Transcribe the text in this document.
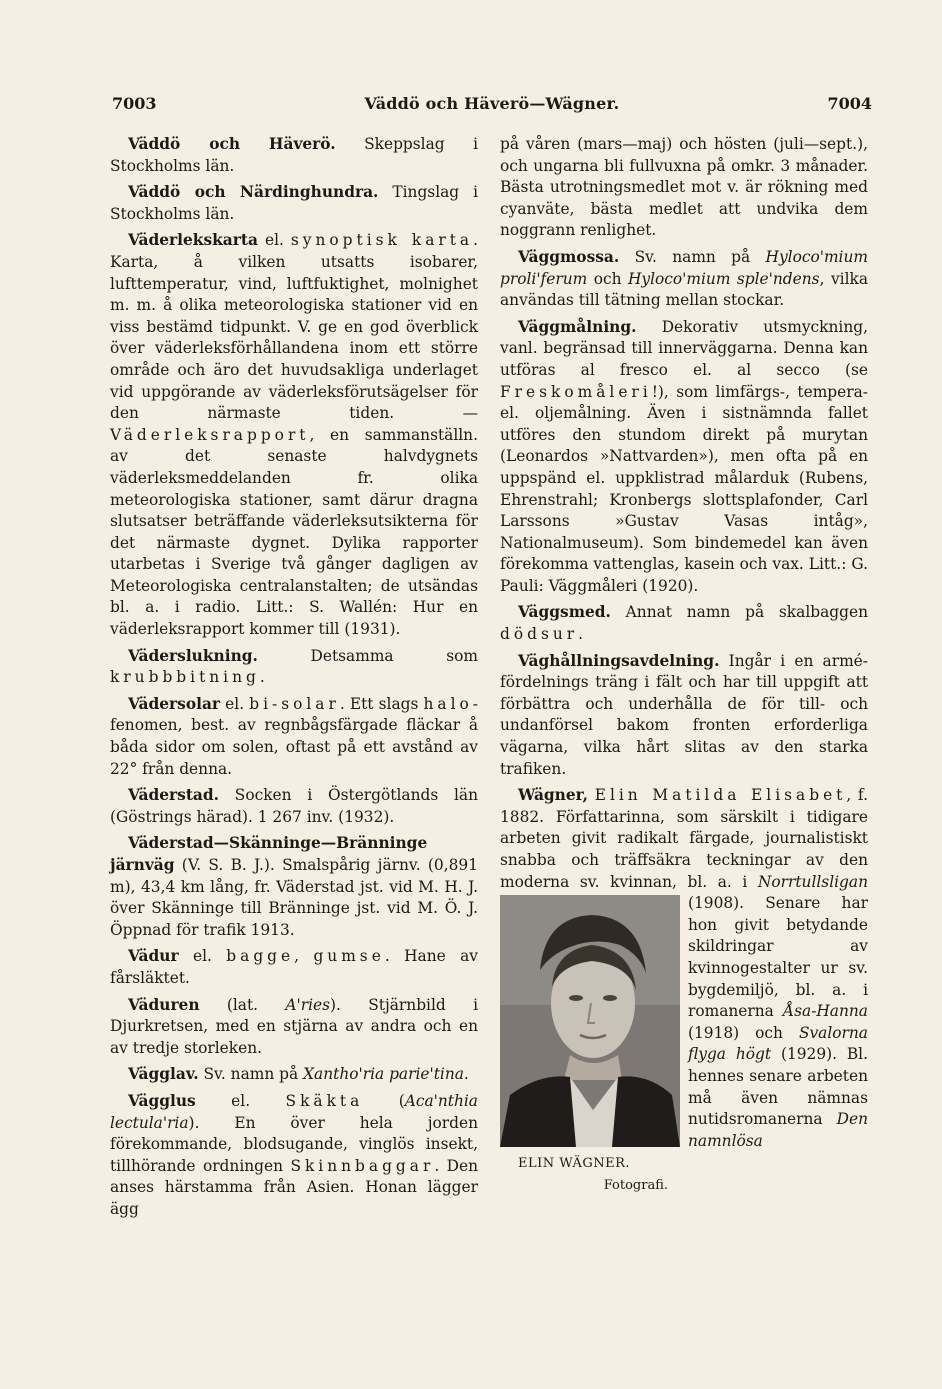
7003	Väddö och Häverö—Wägner.	7004

Väddö och Häverö. Skeppslag i Stockholms län.

Väddö och Närdinghundra. Tingslag i Stockholms län.

Väderlekskarta el. synoptisk karta. Karta, å vilken utsatts isobarer, lufttemperatur, vind, luftfuktighet, molnighet m. m. å olika meteorologiska stationer vid en viss bestämd tidpunkt. V. ge en god överblick över väderleksförhållandena inom ett större område och äro det huvudsakliga underlaget vid uppgörande av väderleksförutsägelser för den närmaste tiden. — Väderleksrapport, en sammanställn. av det senaste halvdygnets väderleksmeddelanden fr. olika meteorologiska stationer, samt därur dragna slutsatser beträffande väderleksutsikterna för det närmaste dygnet. Dylika rapporter utarbetas i Sverige två gånger dagligen av Meteorologiska centralanstalten; de utsändas bl. a. i radio. Litt.: S. Wallén: Hur en väderleksrapport kommer till (1931).

Väderslukning. Detsamma som krubbbitning.

Vädersolar el. bi-solar. Ett slags halo-fenomen, best. av regnbågsfärgade fläckar å båda sidor om solen, oftast på ett avstånd av 22° från denna.

Väderstad. Socken i Östergötlands län (Göstrings härad). 1 267 inv. (1932).

Väderstad—Skänninge—Bränninge järnväg (V. S. B. J.). Smalspårig järnv. (0,891 m), 43,4 km lång, fr. Väderstad jst. vid M. H. J. över Skänninge till Bränninge jst. vid M. Ö. J. Öppnad för trafik 1913.

Vädur el. bagge, gumse. Hane av fårsläktet.

Väduren (lat. A'ries). Stjärnbild i Djurkretsen, med en stjärna av andra och en av tredje storleken.

Vägglav. Sv. namn på Xantho'ria parie'tina.

Vägglus el. Skäkta (Aca'nthia lectula'ria). En över hela jorden förekommande, blodsugande, vinglös insekt, tillhörande ordningen Skinnbaggar. Den anses härstamma från Asien. Honan lägger ägg

på våren (mars—maj) och hösten (juli—sept.), och ungarna bli fullvuxna på omkr. 3 månader. Bästa utrotningsmedlet mot v. är rökning med cyanväte, bästa medlet att undvika dem noggrann renlighet.

Väggmossa. Sv. namn på Hyloco'mium proli'ferum och Hyloco'mium sple'ndens, vilka användas till tätning mellan stockar.

Väggmålning. Dekorativ utsmyckning, vanl. begränsad till innerväggarna. Denna kan utföras al fresco el. al secco (se Freskomåleri!), som limfärgs-, tempera- el. oljemålning. Även i sistnämnda fallet utföres den stundom direkt på murytan (Leonardos »Nattvarden»), men ofta på en uppspänd el. uppklistrad målarduk (Rubens, Ehrenstrahl; Kronbergs slottsplafonder, Carl Larssons »Gustav Vasas intåg», Nationalmuseum). Som bindemedel kan även förekomma vattenglas, kasein och vax. Litt.: G. Pauli: Väggmåleri (1920).

Väggsmed. Annat namn på skalbaggen dödsur.

Väghållningsavdelning. Ingår i en armé-fördelnings träng i fält och har till uppgift att förbättra och underhålla de för till- och undanförsel bakom fronten erforderliga vägarna, vilka hårt slitas av den starka trafiken.

Wägner, Elin Matilda Elisabet, f. 1882. Författarinna, som särskilt i tidigare arbeten givit radikalt färgade, journalistiskt snabba och träffsäkra teckningar av den moderna sv. kvinnan, bl. a. i
ELIN WÄGNER.
Fotografi.
Norrtullsligan (1908). Senare har hon givit betydande skildringar av kvinnogestalter ur sv. bygdemiljö, bl. a. i romanerna Åsa-Hanna (1918) och Svalorna flyga högt (1929). Bl. hennes senare arbeten må även nämnas nutidsromanerna Den namnlösa
